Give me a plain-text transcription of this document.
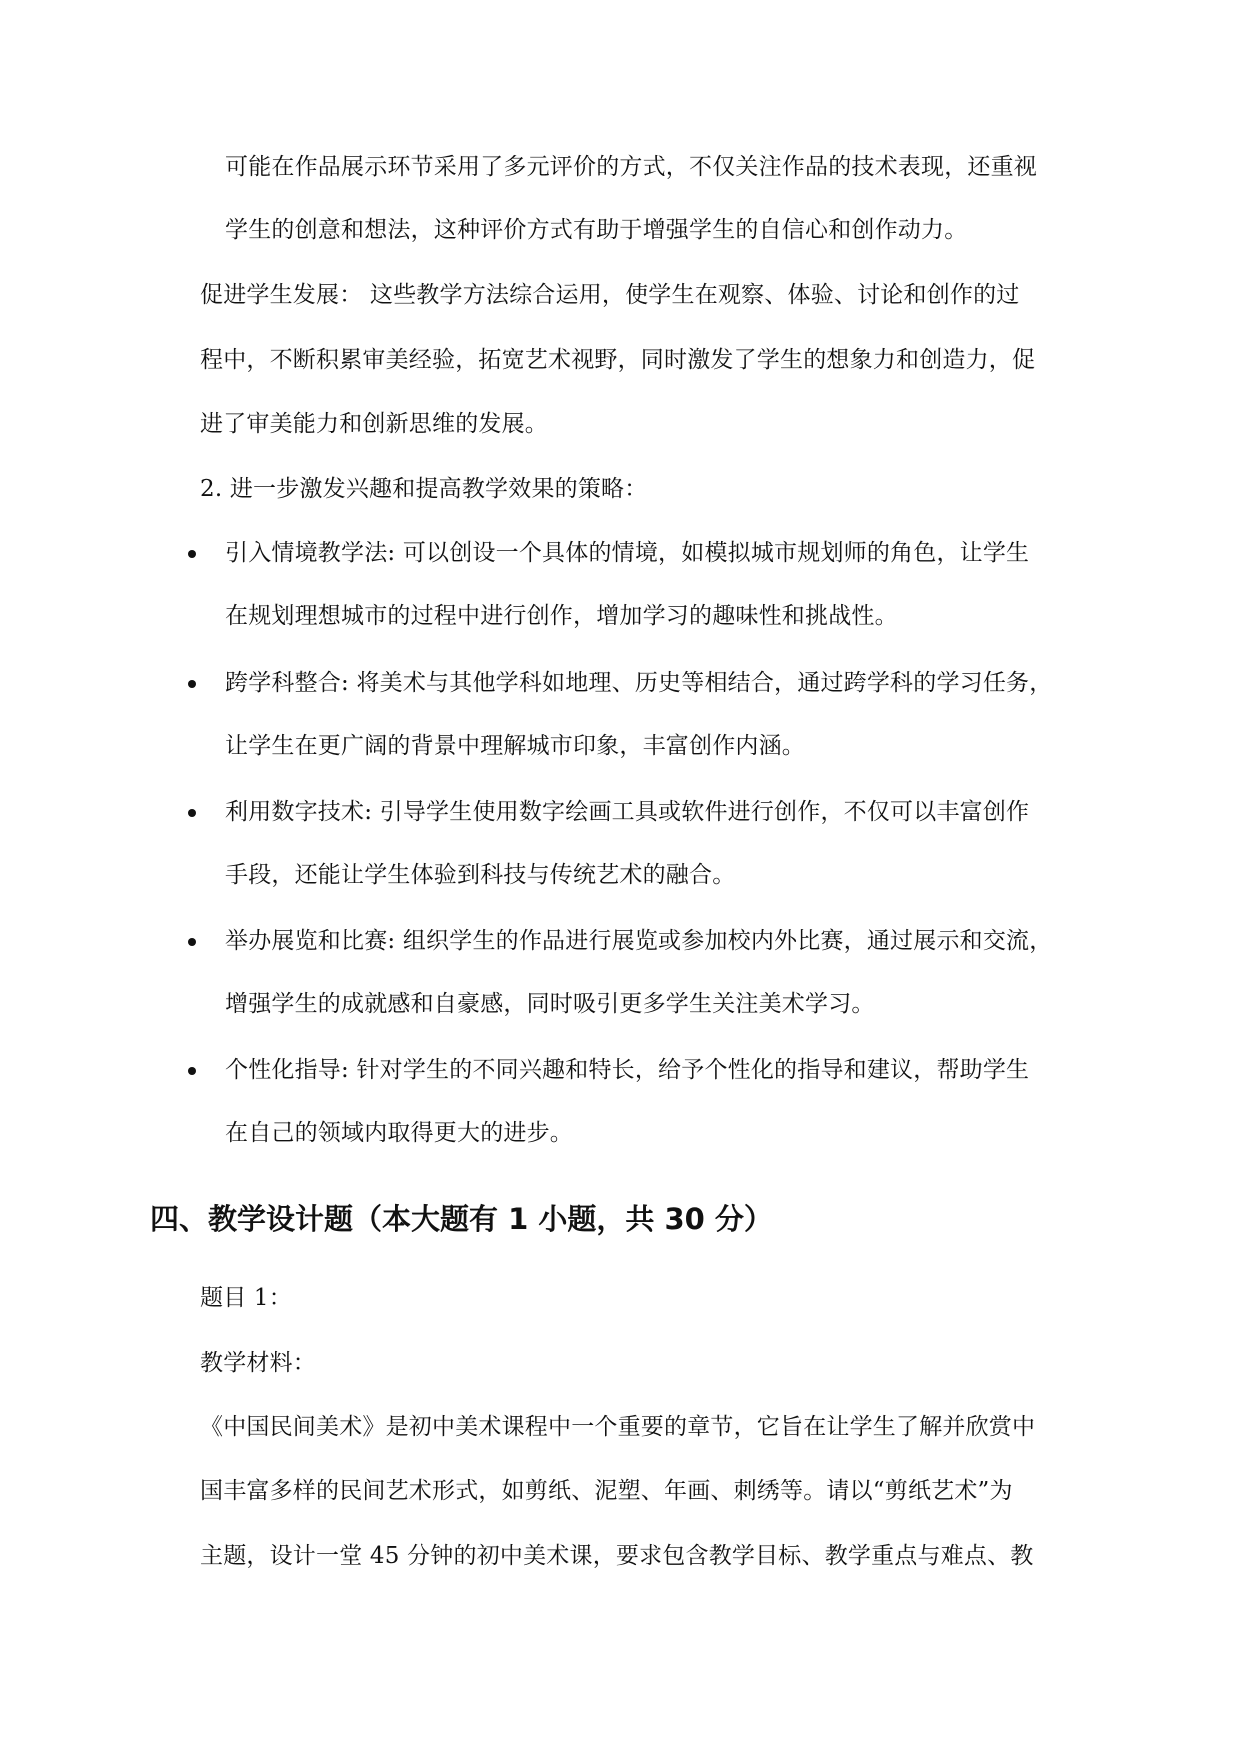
可能在作品展示环节采用了多元评价的方式，不仅关注作品的技术表现，还重视
学生的创意和想法，这种评价方式有助于增强学生的自信心和创作动力。
促进学生发展： 这些教学方法综合运用，使学生在观察、体验、讨论和创作的过
程中，不断积累审美经验，拓宽艺术视野，同时激发了学生的想象力和创造力，促
进了审美能力和创新思维的发展。
2. 进一步激发兴趣和提高教学效果的策略：
引入情境教学法: 可以创设一个具体的情境，如模拟城市规划师的角色，让学生
在规划理想城市的过程中进行创作，增加学习的趣味性和挑战性。
跨学科整合: 将美术与其他学科如地理、历史等相结合，通过跨学科的学习任务，
让学生在更广阔的背景中理解城市印象，丰富创作内涵。
利用数字技术: 引导学生使用数字绘画工具或软件进行创作，不仅可以丰富创作
手段，还能让学生体验到科技与传统艺术的融合。
举办展览和比赛: 组织学生的作品进行展览或参加校内外比赛，通过展示和交流，
增强学生的成就感和自豪感，同时吸引更多学生关注美术学习。
个性化指导: 针对学生的不同兴趣和特长，给予个性化的指导和建议，帮助学生
在自己的领域内取得更大的进步。
四、教学设计题（本大题有 1 小题，共 30 分）
题目 1：
教学材料：
《中国民间美术》是初中美术课程中一个重要的章节，它旨在让学生了解并欣赏中
国丰富多样的民间艺术形式，如剪纸、泥塑、年画、刺绣等。请以“剪纸艺术”为
主题，设计一堂 45 分钟的初中美术课，要求包含教学目标、教学重点与难点、教
